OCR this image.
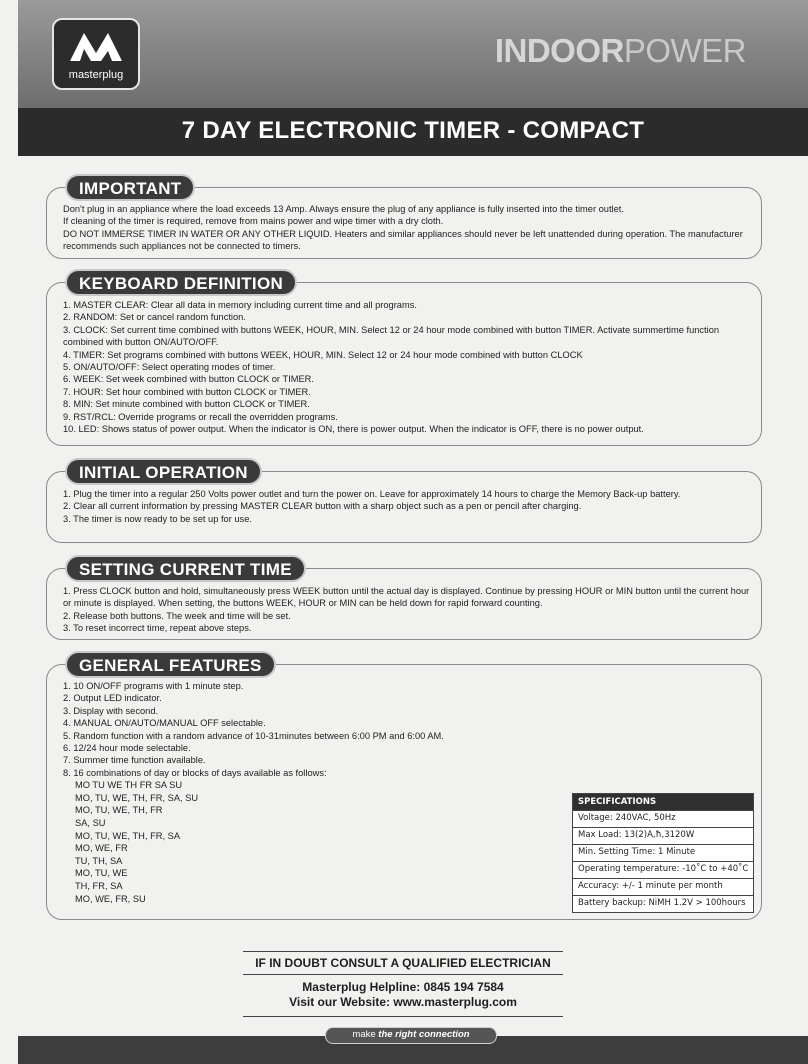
masterplug
INDOORPOWER
7 DAY ELECTRONIC TIMER - COMPACT
IMPORTANT

Don't plug in an appliance where the load exceeds 13 Amp. Always ensure the plug of any appliance is fully inserted into the timer outlet.

If cleaning of the timer is required, remove from mains power and wipe timer with a dry cloth.

DO NOT IMMERSE TIMER IN WATER OR ANY OTHER LIQUID. Heaters and similar appliances should never be left unattended during operation. The manufacturer recommends such appliances not be connected to timers.

KEYBOARD DEFINITION
1. MASTER CLEAR: Clear all data in memory including current time and all programs.
2. RANDOM: Set or cancel random function.
3. CLOCK: Set current time combined with buttons WEEK, HOUR, MIN. Select 12 or 24 hour mode combined with button TIMER. Activate summertime function combined with button ON/AUTO/OFF.
4. TIMER: Set programs combined with buttons WEEK, HOUR, MIN. Select 12 or 24 hour mode combined with button CLOCK
5. ON/AUTO/OFF: Select operating modes of timer.
6. WEEK: Set week combined with button CLOCK or TIMER.
7. HOUR: Set hour combined with button CLOCK or TIMER.
8. MIN: Set minute combined with button CLOCK or TIMER.
9. RST/RCL: Override programs or recall the overridden programs.
10. LED: Shows status of power output. When the indicator is ON, there is power output. When the indicator is OFF, there is no power output.
INITIAL OPERATION
1. Plug the timer into a regular 250 Volts power outlet and turn the power on. Leave for approximately 14 hours to charge the Memory Back-up battery.
2. Clear all current information by pressing MASTER CLEAR button with a sharp object such as a pen or pencil after charging.
3. The timer is now ready to be set up for use.
SETTING CURRENT TIME
1. Press CLOCK button and hold, simultaneously press WEEK button until the actual day is displayed. Continue by pressing HOUR or MIN button until the current hour or minute is displayed. When setting, the buttons WEEK, HOUR or MIN can be held down for rapid forward counting.
2. Release both buttons. The week and time will be set.
3. To reset incorrect time, repeat above steps.
GENERAL FEATURES
1. 10 ON/OFF programs with 1 minute step.
2. Output LED indicator.
3. Display with second.
4. MANUAL ON/AUTO/MANUAL OFF selectable.
5. Random function with a random advance of 10-31minutes between 6:00 PM and 6:00 AM.
6. 12/24 hour mode selectable.
7. Summer time function available.
8. 16 combinations of day or blocks of days available as follows:
MO TU WE TH FR SA SU
MO, TU, WE, TH, FR, SA, SU
MO, TU, WE, TH, FR
SA, SU
MO, TU, WE, TH, FR, SA
MO, WE, FR
TU, TH, SA
MO, TU, WE
TH, FR, SA
MO, WE, FR, SU
SPECIFICATIONS
Voltage: 240VAC, 50Hz
Max Load: 13(2)A,ħ,3120W
Min. Setting Time: 1 Minute
Operating temperature: -10˚C to +40˚C
Accuracy: +/- 1 minute per month
Battery backup: NiMH 1.2V > 100hours
IF IN DOUBT CONSULT A QUALIFIED ELECTRICIAN
Masterplug Helpline: 0845 194 7584
Visit our Website: www.masterplug.com
make the right connection
